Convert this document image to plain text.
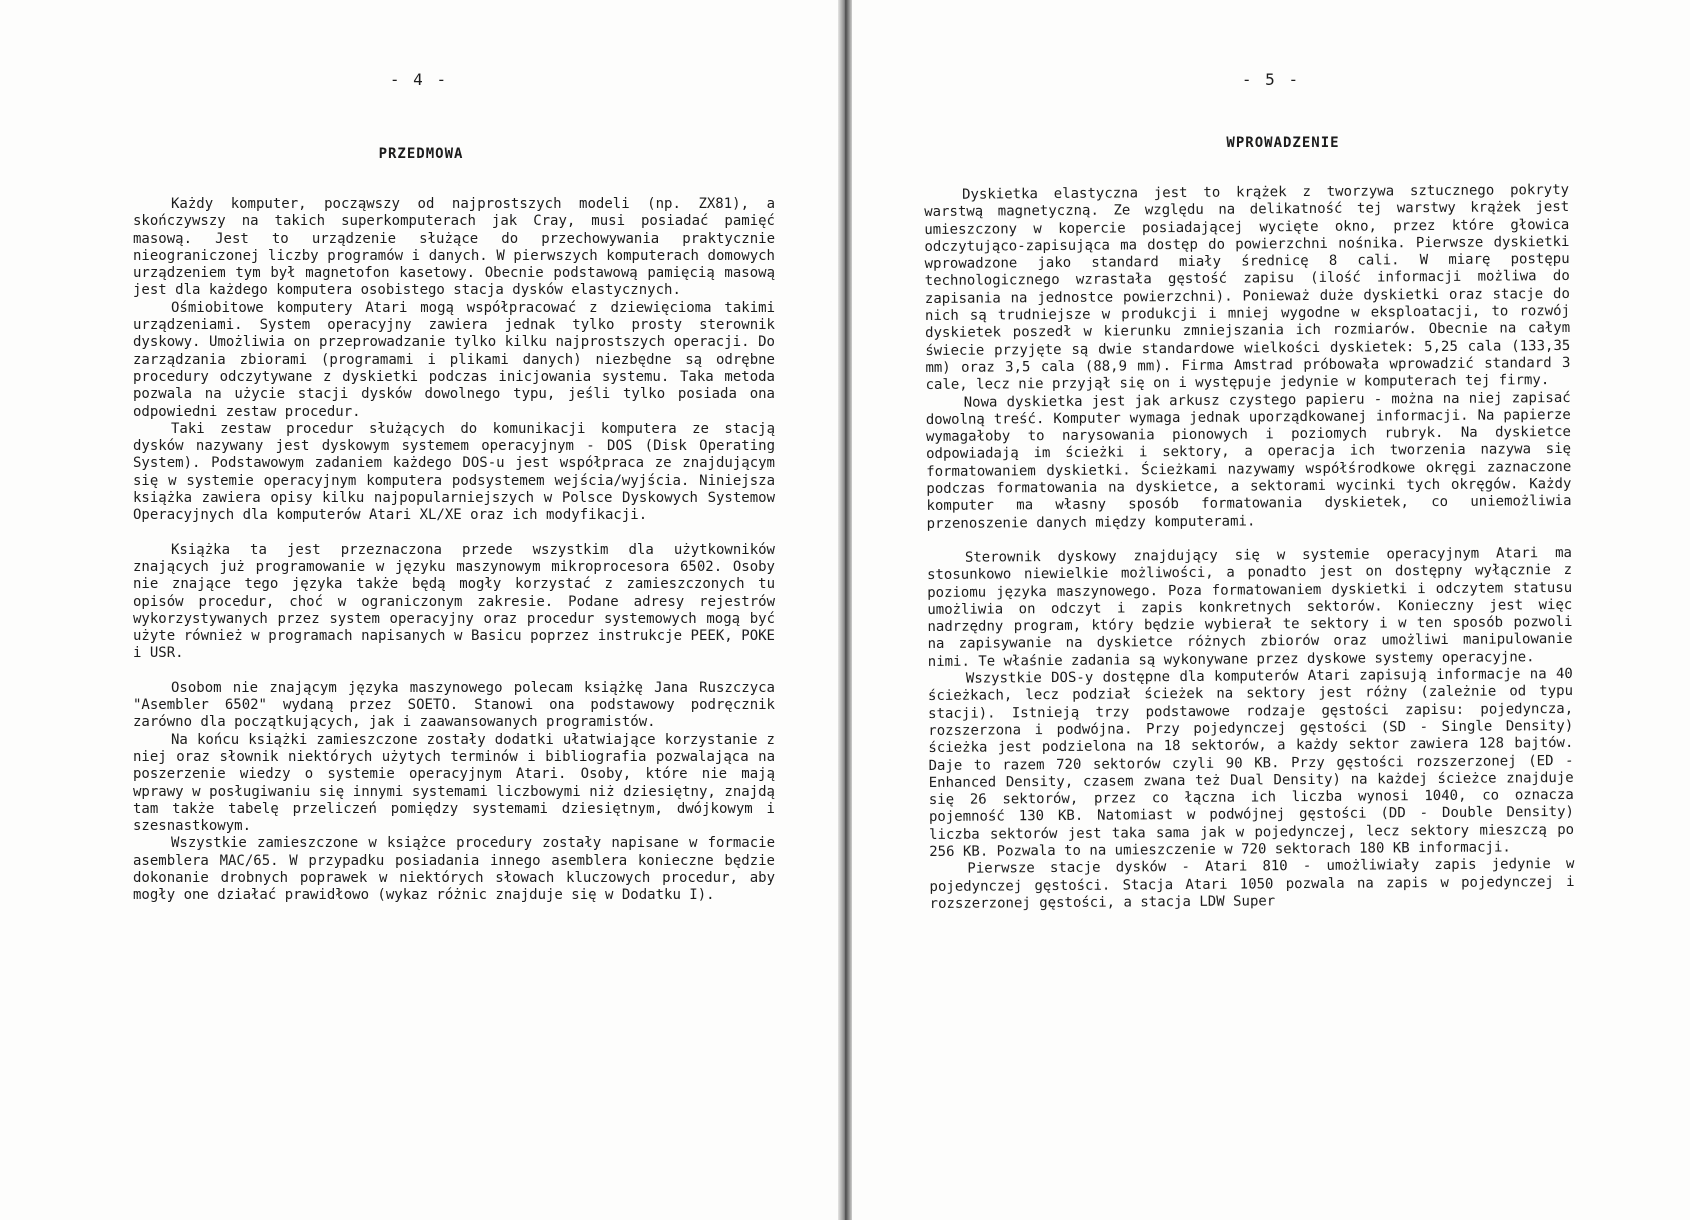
- 4 -
PRZEDMOWA

Każdy komputer, począwszy od najprostszych modeli (np. ZX81), a skończywszy na takich superkomputerach jak Cray, musi posiadać pamięć masową. Jest to urządzenie służące do przechowywania praktycznie nieograniczonej liczby programów i danych. W pierwszych komputerach domowych urządzeniem tym był magnetofon kasetowy. Obecnie podstawową pamięcią masową jest dla każdego komputera osobistego stacja dysków elastycznych.

Ośmiobitowe komputery Atari mogą współpracować z dziewięcioma takimi urządzeniami. System operacyjny zawiera jednak tylko prosty sterownik dyskowy. Umożliwia on przeprowadzanie tylko kilku najprostszych operacji. Do zarządzania zbiorami (programami i plikami danych) niezbędne są odrębne procedury odczytywane z dyskietki podczas inicjowania systemu. Taka metoda pozwala na użycie stacji dysków dowolnego typu, jeśli tylko posiada ona odpowiedni zestaw procedur.

Taki zestaw procedur służących do komunikacji komputera ze stacją dysków nazywany jest dyskowym systemem operacyjnym - DOS (Disk Operating System). Podstawowym zadaniem każdego DOS-u jest współpraca ze znajdującym się w systemie operacyjnym komputera podsystemem wejścia/wyjścia. Niniejsza książka zawiera opisy kilku najpopularniejszych w Polsce Dyskowych Systemow Operacyjnych dla komputerów Atari XL/XE oraz ich modyfikacji.

Książka ta jest przeznaczona przede wszystkim dla użytkowników znających już programowanie w języku maszynowym mikroprocesora 6502. Osoby nie znające tego języka także będą mogły korzystać z zamieszczonych tu opisów procedur, choć w ograniczonym zakresie. Podane adresy rejestrów wykorzystywanych przez system operacyjny oraz procedur systemowych mogą być użyte również w programach napisanych w Basicu poprzez instrukcje PEEK, POKE i USR.

Osobom nie znającym języka maszynowego polecam książkę Jana Ruszczyca "Asembler 6502" wydaną przez SOETO. Stanowi ona podstawowy podręcznik zarówno dla początkujących, jak i zaawansowanych programistów.

Na końcu książki zamieszczone zostały dodatki ułatwiające korzystanie z niej oraz słownik niektórych użytych terminów i bibliografia pozwalająca na poszerzenie wiedzy o systemie operacyjnym Atari. Osoby, które nie mają wprawy w posługiwaniu się innymi systemami liczbowymi niż dziesiętny, znajdą tam także tabelę przeliczeń pomiędzy systemami dziesiętnym, dwójkowym i szesnastkowym.

Wszystkie zamieszczone w książce procedury zostały napisane w formacie asemblera MAC/65. W przypadku posiadania innego asemblera konieczne będzie dokonanie drobnych poprawek w niektórych słowach kluczowych procedur, aby mogły one działać prawidłowo (wykaz różnic znajduje się w Dodatku I).

- 5 -
WPROWADZENIE

Dyskietka elastyczna jest to krążek z tworzywa sztucznego pokryty warstwą magnetyczną. Ze względu na delikatność tej warstwy krążek jest umieszczony w kopercie posiadającej wycięte okno, przez które głowica odczytująco-zapisująca ma dostęp do powierzchni nośnika. Pierwsze dyskietki wprowadzone jako standard miały średnicę 8 cali. W miarę postępu technologicznego wzrastała gęstość zapisu (ilość informacji możliwa do zapisania na jednostce powierzchni). Ponieważ duże dyskietki oraz stacje do nich są trudniejsze w produkcji i mniej wygodne w eksploatacji, to rozwój dyskietek poszedł w kierunku zmniejszania ich rozmiarów. Obecnie na całym świecie przyjęte są dwie standardowe wielkości dyskietek: 5,25 cala (133,35 mm) oraz 3,5 cala (88,9 mm). Firma Amstrad próbowała wprowadzić standard 3 cale, lecz nie przyjął się on i występuje jedynie w komputerach tej firmy.

Nowa dyskietka jest jak arkusz czystego papieru - można na niej zapisać dowolną treść. Komputer wymaga jednak uporządkowanej informacji. Na papierze wymagałoby to narysowania pionowych i poziomych rubryk. Na dyskietce odpowiadają im ścieżki i sektory, a operacja ich tworzenia nazywa się formatowaniem dyskietki. Ścieżkami nazywamy współśrodkowe okręgi zaznaczone podczas formatowania na dyskietce, a sektorami wycinki tych okręgów. Każdy komputer ma własny sposób formatowania dyskietek, co uniemożliwia przenoszenie danych między komputerami.

Sterownik dyskowy znajdujący się w systemie operacyjnym Atari ma stosunkowo niewielkie możliwości, a ponadto jest on dostępny wyłącznie z poziomu języka maszynowego. Poza formatowaniem dyskietki i odczytem statusu umożliwia on odczyt i zapis konkretnych sektorów. Konieczny jest więc nadrzędny program, który będzie wybierał te sektory i w ten sposób pozwoli na zapisywanie na dyskietce różnych zbiorów oraz umożliwi manipulowanie nimi. Te właśnie zadania są wykonywane przez dyskowe systemy operacyjne.

Wszystkie DOS-y dostępne dla komputerów Atari zapisują informacje na 40 ścieżkach, lecz podział ścieżek na sektory jest różny (zależnie od typu stacji). Istnieją trzy podstawowe rodzaje gęstości zapisu: pojedyncza, rozszerzona i podwójna. Przy pojedynczej gęstości (SD - Single Density) ścieżka jest podzielona na 18 sektorów, a każdy sektor zawiera 128 bajtów. Daje to razem 720 sektorów czyli 90 KB. Przy gęstości rozszerzonej (ED - Enhanced Density, czasem zwana też Dual Density) na każdej ścieżce znajduje się 26 sektorów, przez co łączna ich liczba wynosi 1040, co oznacza pojemność 130 KB. Natomiast w podwójnej gęstości (DD - Double Density) liczba sektorów jest taka sama jak w pojedynczej, lecz sektory mieszczą po 256 KB. Pozwala to na umieszczenie w 720 sektorach 180 KB informacji.

Pierwsze stacje dysków - Atari 810 - umożliwiały zapis jedynie w pojedynczej gęstości. Stacja Atari 1050 pozwala na zapis w pojedynczej i rozszerzonej gęstości, a stacja LDW Super
